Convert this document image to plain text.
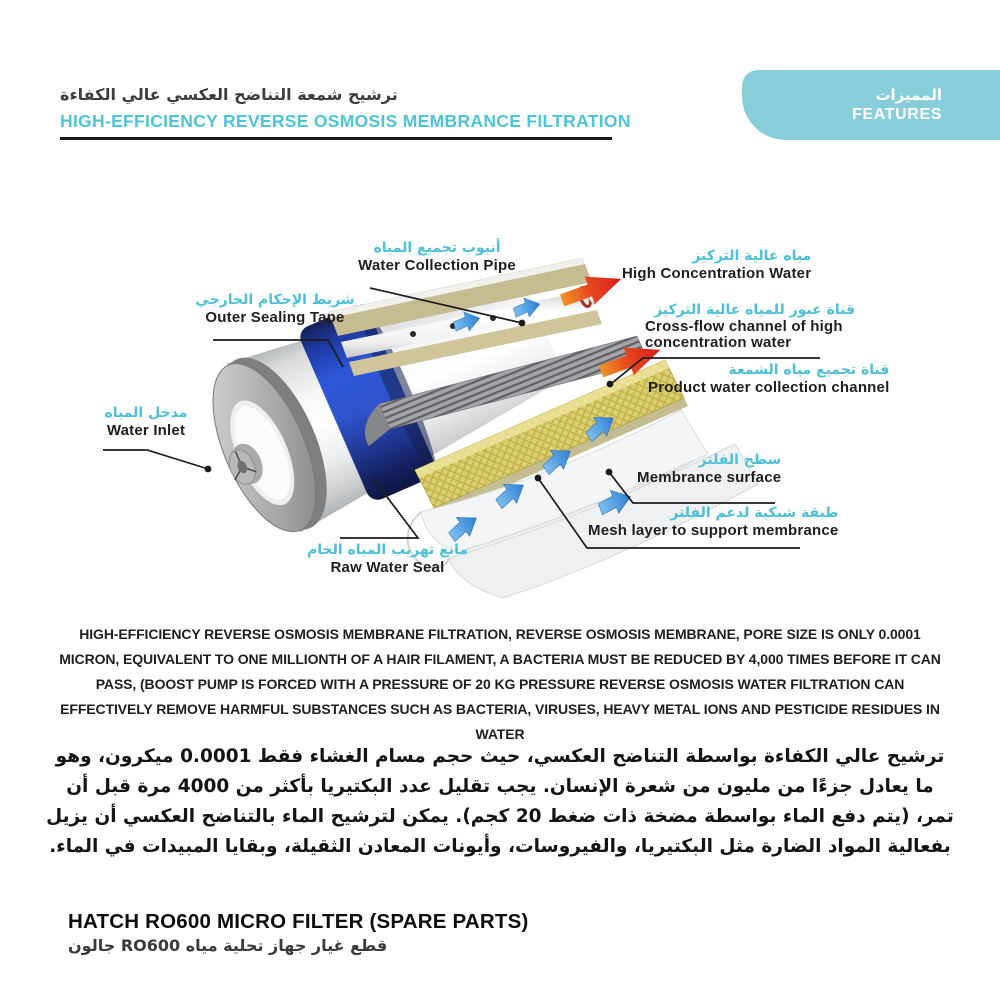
ترشيح شمعة التناضح العكسي عالي الكفاءة
HIGH-EFFICIENCY REVERSE OSMOSIS MEMBRANCE FILTRATION
المميزات
FEATURES
أنبوب تجميع المياه
Water Collection Pipe
مياه عالية التركيز
High Concentration Water
قناة عبور للمياه عالية التركيز
Cross-flow channel of high concentration water
قناة تجميع مياه الشمعة
Product water collection channel
سطح الفلتر
Membrance surface
طبقة شبكية لدعم الفلتر
Mesh layer to support membrance
شريط الإحكام الخارجي
Outer Sealing Tape
مدخل المياه
Water Inlet
مانع تهريب المياه الخام
Raw Water Seal
HIGH-EFFICIENCY REVERSE OSMOSIS MEMBRANE FILTRATION, REVERSE OSMOSIS MEMBRANE, PORE SIZE IS ONLY 0.0001 MICRON, EQUIVALENT TO ONE MILLIONTH OF A HAIR FILAMENT, A BACTERIA MUST BE REDUCED BY 4,000 TIMES BEFORE IT CAN PASS, (BOOST PUMP IS FORCED WITH A PRESSURE OF 20 KG PRESSURE REVERSE OSMOSIS WATER FILTRATION CAN EFFECTIVELY REMOVE HARMFUL SUBSTANCES SUCH AS BACTERIA, VIRUSES, HEAVY METAL IONS AND PESTICIDE RESIDUES IN WATER
ترشيح عالي الكفاءة بواسطة التناضح العكسي، حيث حجم مسام الغشاء فقط 0.0001 ميكرون، وهو ما يعادل جزءًا من مليون من شعرة الإنسان. يجب تقليل عدد البكتيريا بأكثر من 4000 مرة قبل أن تمر، (يتم دفع الماء بواسطة مضخة ذات ضغط 20 كجم). يمكن لترشيح الماء بالتناضح العكسي أن يزيل بفعالية المواد الضارة مثل البكتيريا، والفيروسات، وأيونات المعادن الثقيلة، وبقايا المبيدات في الماء.
HATCH RO600 MICRO FILTER (SPARE PARTS)
قطع غيار جهاز تحلية مياه RO600 جالون
